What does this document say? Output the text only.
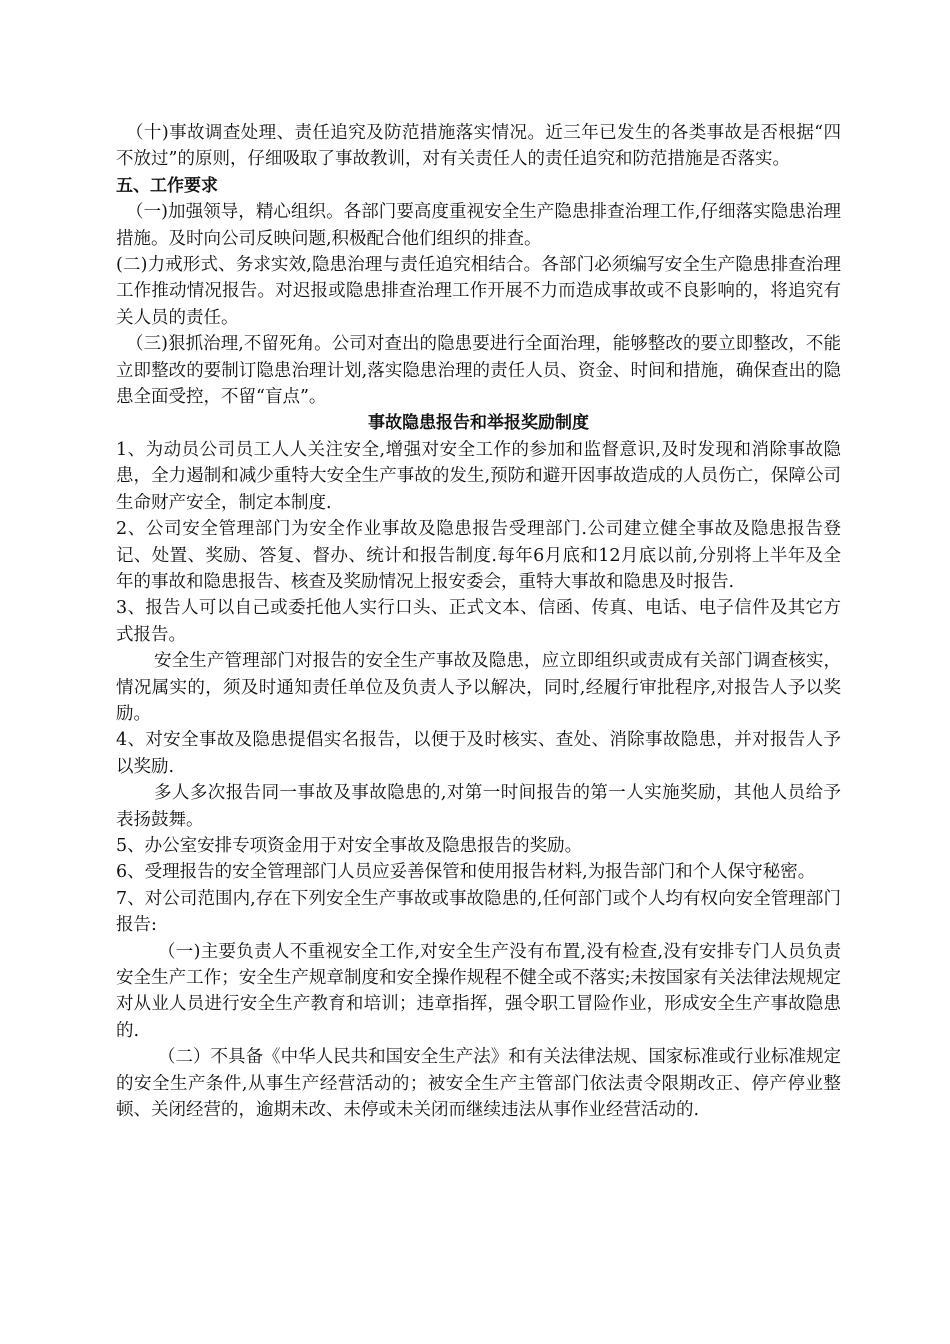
（十)事故调查处理、责任追究及防范措施落实情况。近三年已发生的各类事故是否根据“四不放过”的原则，仔细吸取了事故教训，对有关责任人的责任追究和防范措施是否落实。

五、工作要求

（一)加强领导，精心组织。各部门要高度重视安全生产隐患排查治理工作,仔细落实隐患治理措施。及时向公司反映问题,积极配合他们组织的排查。

(二)力戒形式、务求实效,隐患治理与责任追究相结合。各部门必须编写安全生产隐患排查治理工作推动情况报告。对迟报或隐患排查治理工作开展不力而造成事故或不良影响的，将追究有关人员的责任。

（三)狠抓治理,不留死角。公司对查出的隐患要进行全面治理，能够整改的要立即整改，不能立即整改的要制订隐患治理计划,落实隐患治理的责任人员、资金、时间和措施，确保查出的隐患全面受控，不留“盲点”。

事故隐患报告和举报奖励制度

1、为动员公司员工人人关注安全,增强对安全工作的参加和监督意识,及时发现和消除事故隐患，全力遏制和减少重特大安全生产事故的发生,预防和避开因事故造成的人员伤亡，保障公司生命财产安全，制定本制度.

2、公司安全管理部门为安全作业事故及隐患报告受理部门.公司建立健全事故及隐患报告登记、处置、奖励、答复、督办、统计和报告制度.每年6月底和12月底以前,分别将上半年及全年的事故和隐患报告、核查及奖励情况上报安委会，重特大事故和隐患及时报告.

3、报告人可以自己或委托他人实行口头、正式文本、信函、传真、电话、电子信件及其它方式报告。

安全生产管理部门对报告的安全生产事故及隐患，应立即组织或责成有关部门调查核实，情况属实的，须及时通知责任单位及负责人予以解决，同时,经履行审批程序,对报告人予以奖励。

4、对安全事故及隐患提倡实名报告，以便于及时核实、查处、消除事故隐患，并对报告人予以奖励.

多人多次报告同一事故及事故隐患的,对第一时间报告的第一人实施奖励，其他人员给予表扬鼓舞。

5、办公室安排专项资金用于对安全事故及隐患报告的奖励。

6、受理报告的安全管理部门人员应妥善保管和使用报告材料,为报告部门和个人保守秘密。

7、对公司范围内,存在下列安全生产事故或事故隐患的,任何部门或个人均有权向安全管理部门报告:

（一)主要负责人不重视安全工作,对安全生产没有布置,没有检查,没有安排专门人员负责安全生产工作；安全生产规章制度和安全操作规程不健全或不落实;未按国家有关法律法规规定对从业人员进行安全生产教育和培训；违章指挥，强令职工冒险作业，形成安全生产事故隐患的.

（二）不具备《中华人民共和国安全生产法》和有关法律法规、国家标准或行业标准规定的安全生产条件,从事生产经营活动的；被安全生产主管部门依法责令限期改正、停产停业整顿、关闭经营的，逾期未改、未停或未关闭而继续违法从事作业经营活动的.
